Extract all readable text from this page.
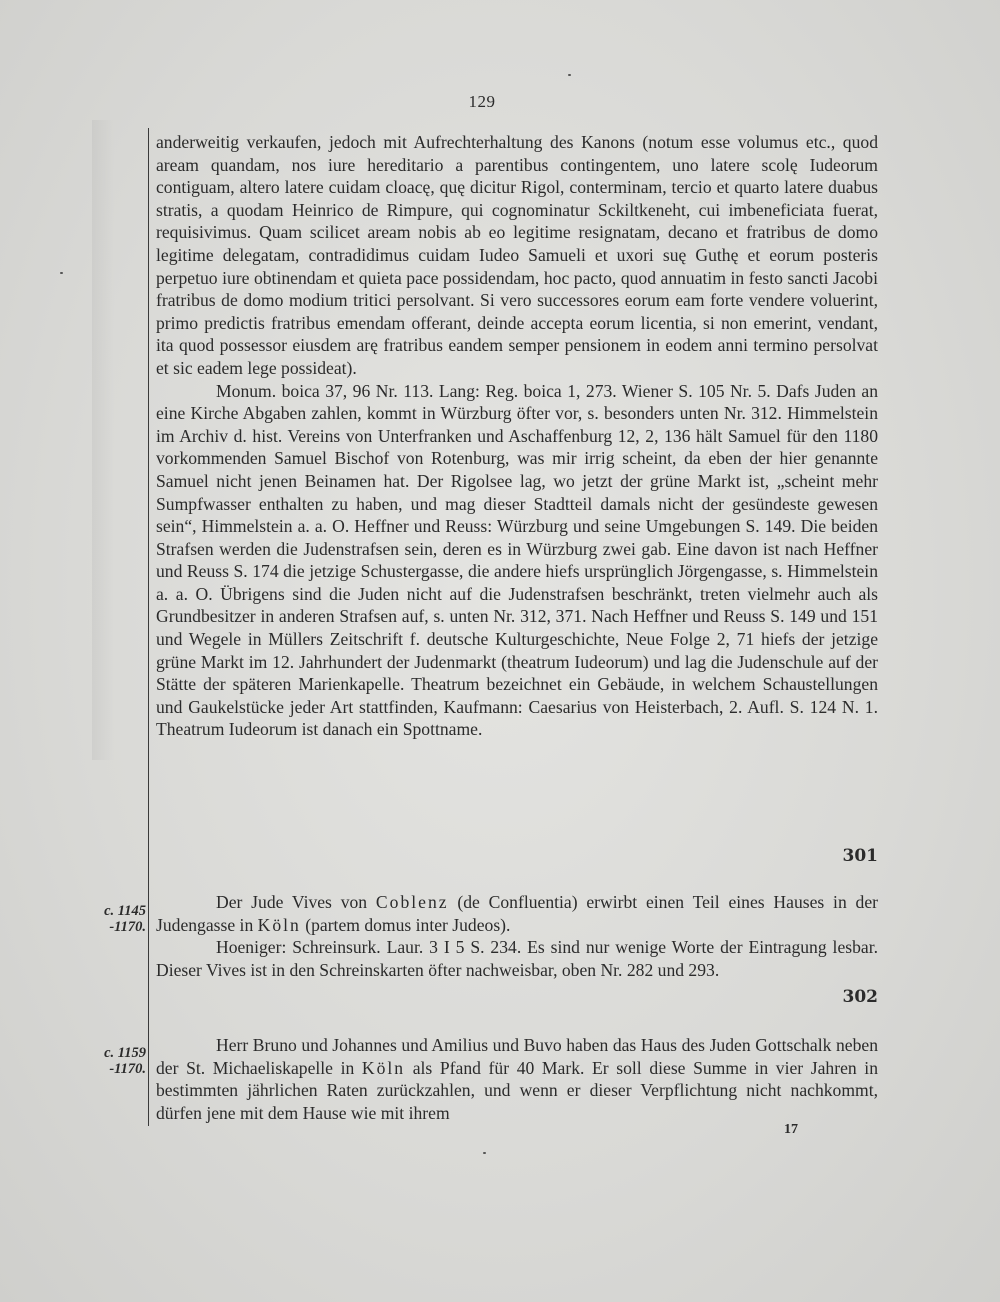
129

anderweitig verkaufen, jedoch mit Aufrechterhaltung des Kanons (notum esse volumus etc., quod aream quandam, nos iure hereditario a parentibus contingentem, uno latere scolę Iudeorum contiguam, altero latere cuidam cloacę, quę dicitur Rigol, conterminam, tercio et quarto latere duabus stratis, a quodam Heinrico de Rimpure, qui cognominatur Sckiltkeneht, cui imbeneficiata fuerat, requisivimus. Quam scilicet aream nobis ab eo legitime resignatam, decano et fratribus de domo legitime delegatam, contradidimus cuidam Iudeo Samueli et uxori suę Guthę et eorum posteris perpetuo iure obtinendam et quieta pace possidendam, hoc pacto, quod annuatim in festo sancti Jacobi fratribus de domo modium tritici persolvant. Si vero successores eorum eam forte vendere voluerint, primo predictis fratribus emendam offerant, deinde accepta eorum licentia, si non emerint, vendant, ita quod possessor eiusdem arę fratribus eandem semper pensionem in eodem anni termino persolvat et sic eadem lege possideat).

Monum. boica 37, 96 Nr. 113. Lang: Reg. boica 1, 273. Wiener S. 105 Nr. 5. Dafs Juden an eine Kirche Abgaben zahlen, kommt in Würzburg öfter vor, s. besonders unten Nr. 312. Himmelstein im Archiv d. hist. Vereins von Unterfranken und Aschaffenburg 12, 2, 136 hält Samuel für den 1180 vorkommenden Samuel Bischof von Rotenburg, was mir irrig scheint, da eben der hier genannte Samuel nicht jenen Beinamen hat. Der Rigolsee lag, wo jetzt der grüne Markt ist, „scheint mehr Sumpfwasser enthalten zu haben, und mag dieser Stadtteil damals nicht der gesündeste gewesen sein“, Himmelstein a. a. O. Heffner und Reuss: Würzburg und seine Umgebungen S. 149. Die beiden Strafsen werden die Judenstrafsen sein, deren es in Würzburg zwei gab. Eine davon ist nach Heffner und Reuss S. 174 die jetzige Schustergasse, die andere hiefs ursprünglich Jörgengasse, s. Himmelstein a. a. O. Übrigens sind die Juden nicht auf die Judenstrafsen beschränkt, treten vielmehr auch als Grundbesitzer in anderen Strafsen auf, s. unten Nr. 312, 371. Nach Heffner und Reuss S. 149 und 151 und Wegele in Müllers Zeitschrift f. deutsche Kulturgeschichte, Neue Folge 2, 71 hiefs der jetzige grüne Markt im 12. Jahrhundert der Judenmarkt (theatrum Iudeorum) und lag die Judenschule auf der Stätte der späteren Marienkapelle. Theatrum bezeichnet ein Gebäude, in welchem Schaustellungen und Gaukelstücke jeder Art stattfinden, Kaufmann: Caesarius von Heisterbach, 2. Aufl. S. 124 N. 1. Theatrum Iudeorum ist danach ein Spottname.

301
c. 1145 -1170.

Der Jude Vives von Coblenz (de Confluentia) erwirbt einen Teil eines Hauses in der Judengasse in Köln (partem domus inter Judeos).

Hoeniger: Schreinsurk. Laur. 3 I 5 S. 234. Es sind nur wenige Worte der Eintragung lesbar. Dieser Vives ist in den Schreinskarten öfter nachweisbar, oben Nr. 282 und 293.

302
c. 1159 -1170.

Herr Bruno und Johannes und Amilius und Buvo haben das Haus des Juden Gottschalk neben der St. Michaeliskapelle in Köln als Pfand für 40 Mark. Er soll diese Summe in vier Jahren in bestimmten jährlichen Raten zurückzahlen, und wenn er dieser Verpflichtung nicht nachkommt, dürfen jene mit dem Hause wie mit ihrem

17
